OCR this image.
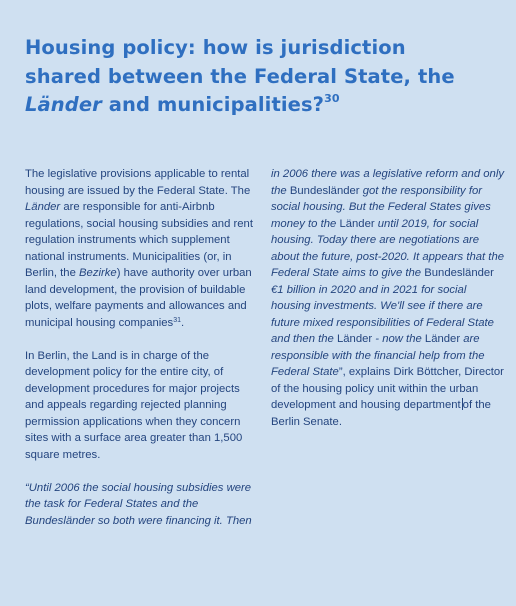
Housing policy: how is jurisdiction
shared between the Federal State, the
Länder and municipalities?$^{30}$

The legislative provisions applicable to rental housing are issued by the Federal State. The Länder are responsible for anti-Airbnb regulations, social housing subsidies and rent regulation instruments which supplement national instruments. Municipalities (or, in Berlin, the Bezirke) have authority over urban land development, the provision of buildable plots, welfare payments and allowances and municipal housing companies$^{31}$.

In Berlin, the Land is in charge of the development policy for the entire city, of development procedures for major projects and appeals regarding rejected planning permission applications when they concern sites with a surface area greater than 1,500 square metres.

“Until 2006 the social housing subsidies were the task for Federal States and the Bundesländer so both were financing it. Then

in 2006 there was a legislative reform and only the Bundesländer got the responsibility for social housing. But the Federal States gives money to the Länder until 2019, for social housing. Today there are negotiations are about the future, post-2020. It appears that the Federal State aims to give the Bundesländer €1 billion in 2020 and in 2021 for social housing investments. We'll see if there are future mixed responsibilities of Federal State and then the Länder - now the Länder are responsible with the financial help from the Federal State”, explains Dirk Böttcher, Director of the housing policy unit within the urban development and housing department of the Berlin Senate.
